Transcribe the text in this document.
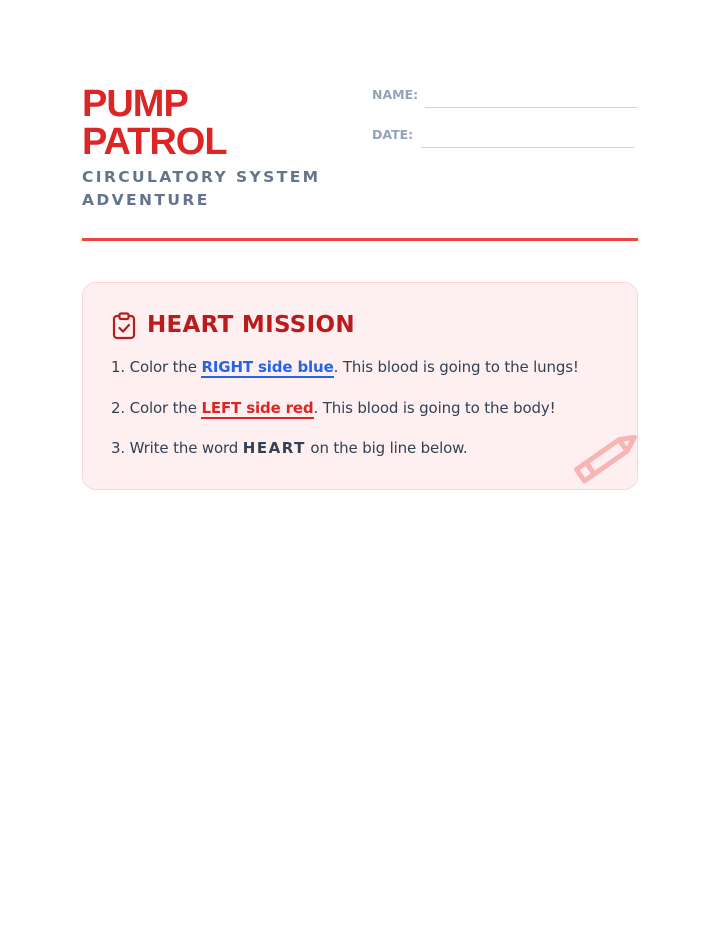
PUMP
PATROL
CIRCULATORY SYSTEM
ADVENTURE
NAME:
DATE:
HEART MISSION
1. Color the RIGHT side blue. This blood is going to the lungs!
2. Color the LEFT side red. This blood is going to the body!
3. Write the word HEART on the big line below.
